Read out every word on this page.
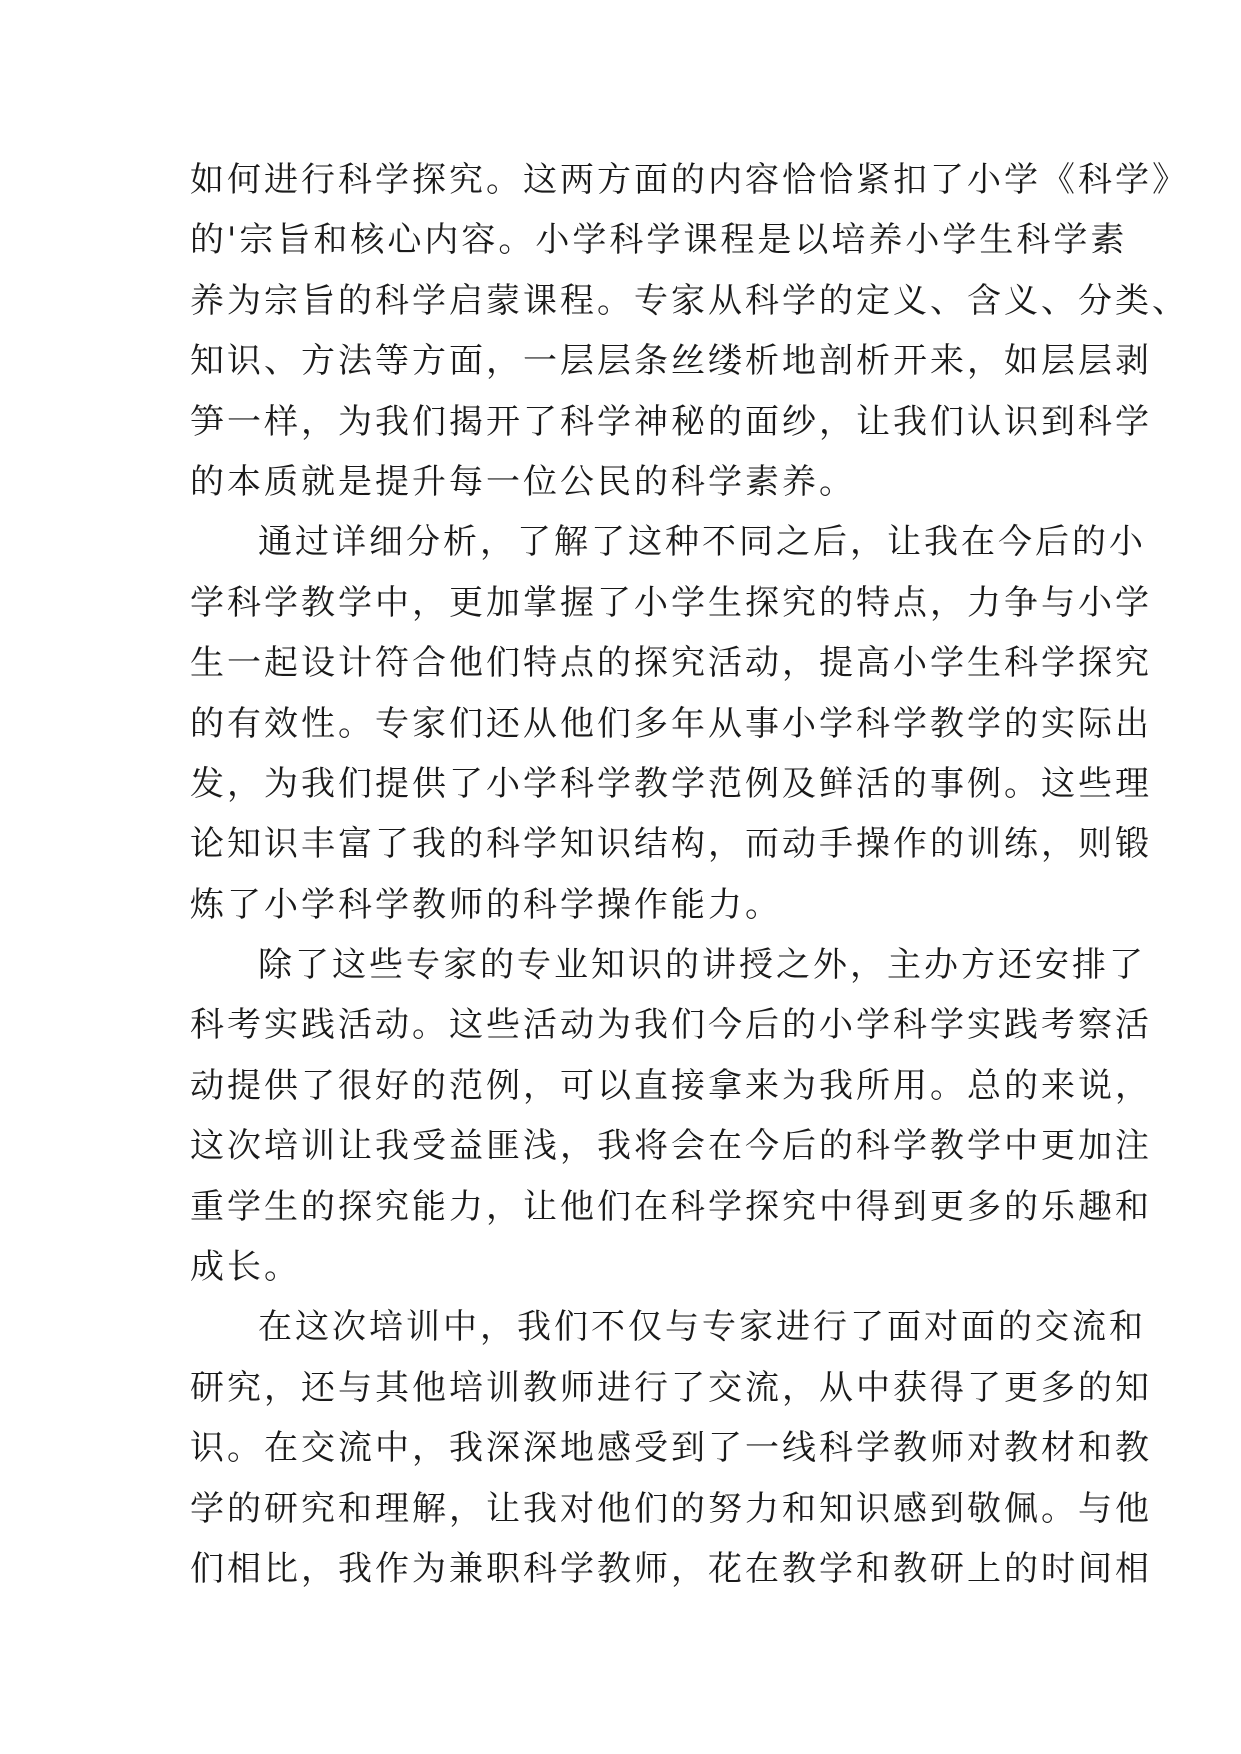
如何进行科学探究。这两方面的内容恰恰紧扣了小学《科学》
的'宗旨和核心内容。小学科学课程是以培养小学生科学素
养为宗旨的科学启蒙课程。专家从科学的定义、含义、分类、
知识、方法等方面，一层层条丝缕析地剖析开来，如层层剥
笋一样，为我们揭开了科学神秘的面纱，让我们认识到科学
的本质就是提升每一位公民的科学素养。

通过详细分析，了解了这种不同之后，让我在今后的小
学科学教学中，更加掌握了小学生探究的特点，力争与小学
生一起设计符合他们特点的探究活动，提高小学生科学探究
的有效性。专家们还从他们多年从事小学科学教学的实际出
发，为我们提供了小学科学教学范例及鲜活的事例。这些理
论知识丰富了我的科学知识结构，而动手操作的训练，则锻
炼了小学科学教师的科学操作能力。

除了这些专家的专业知识的讲授之外，主办方还安排了
科考实践活动。这些活动为我们今后的小学科学实践考察活
动提供了很好的范例，可以直接拿来为我所用。总的来说，
这次培训让我受益匪浅，我将会在今后的科学教学中更加注
重学生的探究能力，让他们在科学探究中得到更多的乐趣和
成长。

在这次培训中，我们不仅与专家进行了面对面的交流和
研究，还与其他培训教师进行了交流，从中获得了更多的知
识。在交流中，我深深地感受到了一线科学教师对教材和教
学的研究和理解，让我对他们的努力和知识感到敬佩。与他
们相比，我作为兼职科学教师，花在教学和教研上的时间相
